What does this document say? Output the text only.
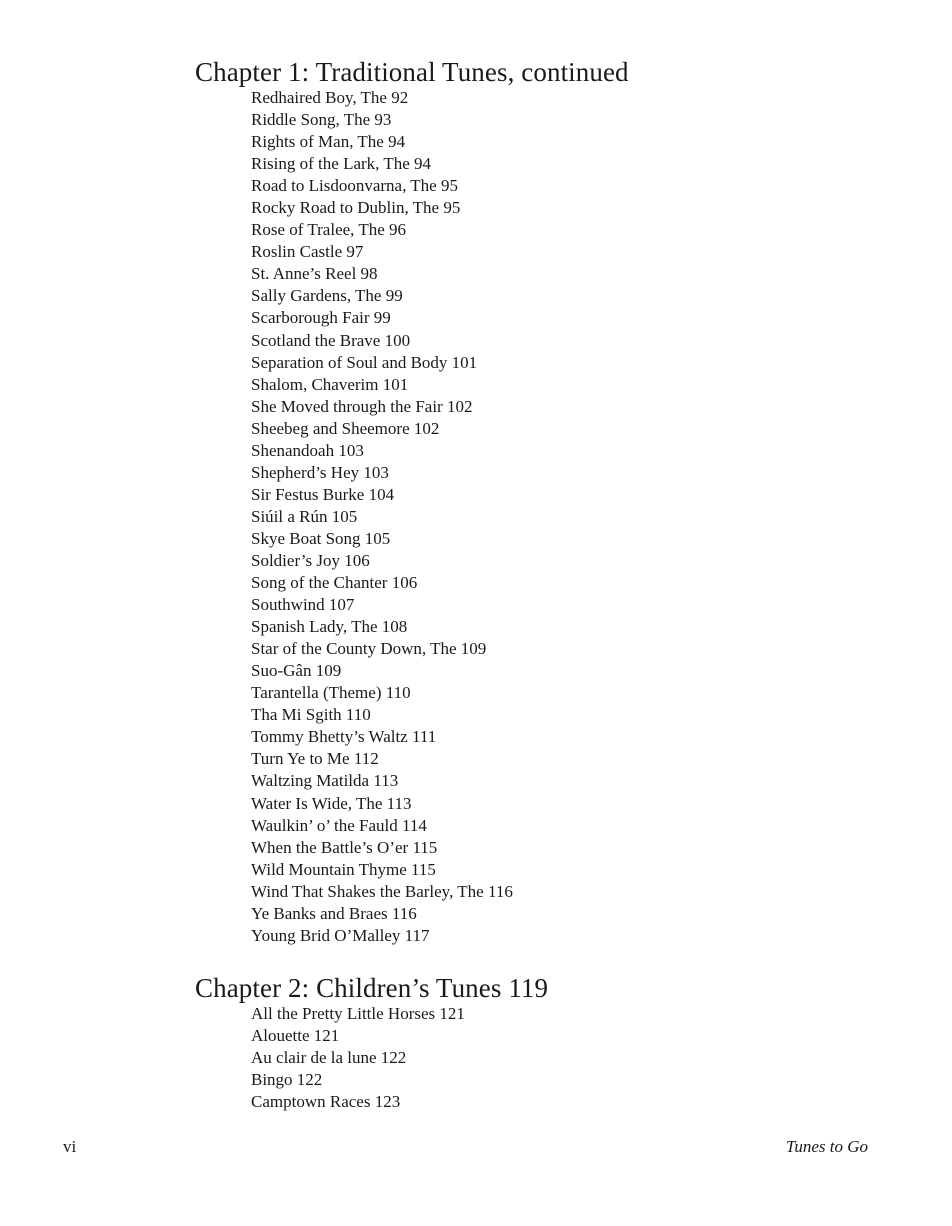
Chapter 1: Traditional Tunes, continued
Redhaired Boy, The 92
Riddle Song, The 93
Rights of Man, The 94
Rising of the Lark, The 94
Road to Lisdoonvarna, The 95
Rocky Road to Dublin, The 95
Rose of Tralee, The 96
Roslin Castle 97
St. Anne’s Reel 98
Sally Gardens, The 99
Scarborough Fair 99
Scotland the Brave 100
Separation of Soul and Body 101
Shalom, Chaverim 101
She Moved through the Fair 102
Sheebeg and Sheemore 102
Shenandoah 103
Shepherd’s Hey 103
Sir Festus Burke 104
Siúil a Rún 105
Skye Boat Song 105
Soldier’s Joy 106
Song of the Chanter 106
Southwind 107
Spanish Lady, The 108
Star of the County Down, The 109
Suo-Gân 109
Tarantella (Theme) 110
Tha Mi Sgith 110
Tommy Bhetty’s Waltz 111
Turn Ye to Me 112
Waltzing Matilda 113
Water Is Wide, The 113
Waulkin’ o’ the Fauld 114
When the Battle’s O’er 115
Wild Mountain Thyme 115
Wind That Shakes the Barley, The 116
Ye Banks and Braes 116
Young Brid O’Malley 117
Chapter 2: Children’s Tunes 119
All the Pretty Little Horses 121
Alouette 121
Au clair de la lune 122
Bingo 122
Camptown Races 123
vi	Tunes to Go
